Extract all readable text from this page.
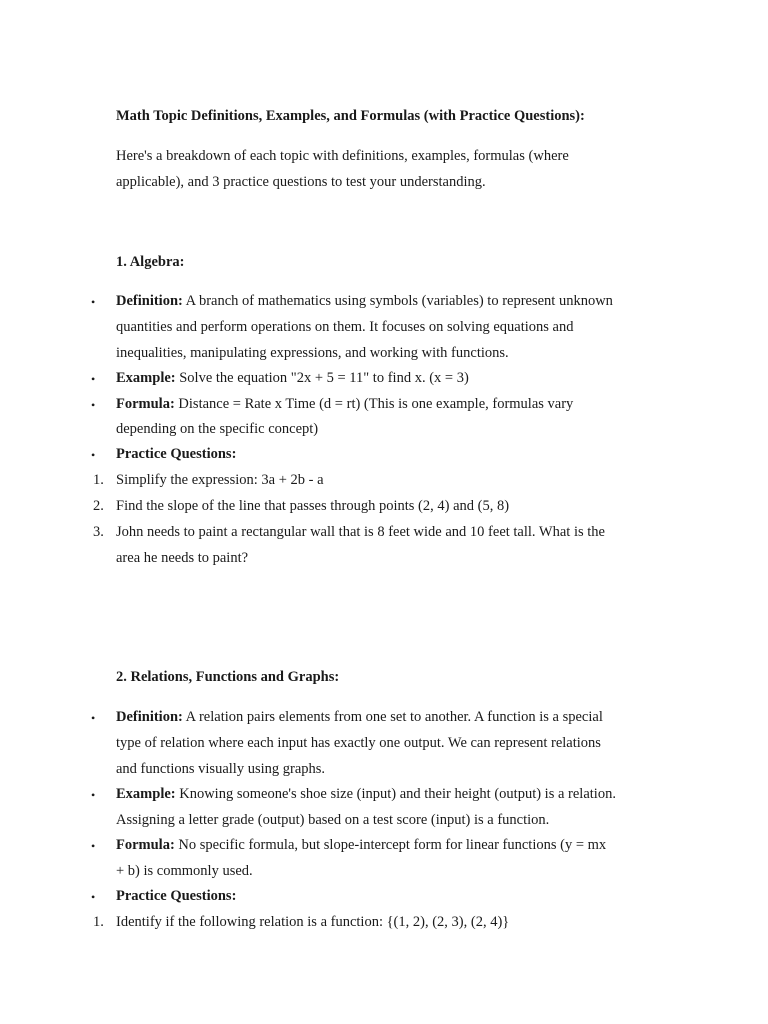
Math Topic Definitions, Examples, and Formulas (with Practice Questions):
Here's a breakdown of each topic with definitions, examples, formulas (where
applicable), and 3 practice questions to test your understanding.
1. Algebra:
• Definition: A branch of mathematics using symbols (variables) to represent unknown
quantities and perform operations on them. It focuses on solving equations and
inequalities, manipulating expressions, and working with functions.
• Example: Solve the equation "2x + 5 = 11" to find x. (x = 3)
• Formula: Distance = Rate x Time (d = rt) (This is one example, formulas vary
depending on the specific concept)
• Practice Questions:
1. Simplify the expression: 3a + 2b - a
2. Find the slope of the line that passes through points (2, 4) and (5, 8)
3. John needs to paint a rectangular wall that is 8 feet wide and 10 feet tall. What is the
area he needs to paint?
2. Relations, Functions and Graphs:
• Definition: A relation pairs elements from one set to another. A function is a special
type of relation where each input has exactly one output. We can represent relations
and functions visually using graphs.
• Example: Knowing someone's shoe size (input) and their height (output) is a relation.
Assigning a letter grade (output) based on a test score (input) is a function.
• Formula: No specific formula, but slope-intercept form for linear functions (y = mx
+ b) is commonly used.
• Practice Questions:
1. Identify if the following relation is a function: {(1, 2), (2, 3), (2, 4)}
